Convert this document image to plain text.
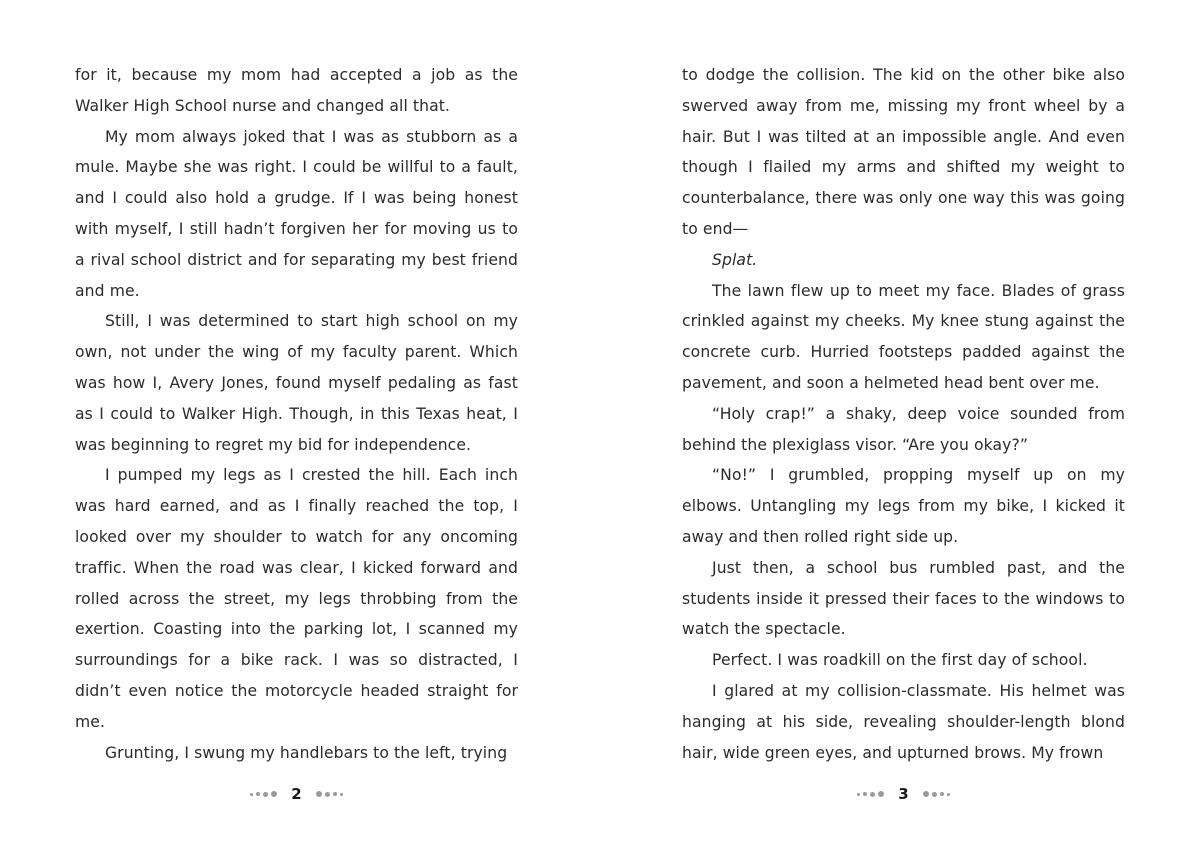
for it, because my mom had accepted a job as the Walker High School nurse and changed all that.

My mom always joked that I was as stubborn as a mule. Maybe she was right. I could be willful to a fault, and I could also hold a grudge. If I was being honest with myself, I still hadn’t forgiven her for moving us to a rival school district and for separating my best friend and me.

Still, I was determined to start high school on my own, not under the wing of my faculty parent. Which was how I, Avery Jones, found myself pedaling as fast as I could to Walker High. Though, in this Texas heat, I was beginning to regret my bid for independence.

I pumped my legs as I crested the hill. Each inch was hard earned, and as I finally reached the top, I looked over my shoulder to watch for any oncoming traffic. When the road was clear, I kicked forward and rolled across the street, my legs throbbing from the exertion. Coasting into the parking lot, I scanned my surroundings for a bike rack. I was so distracted, I didn’t even notice the motorcycle headed straight for me.

Grunting, I swung my handlebars to the left, trying

2

to dodge the collision. The kid on the other bike also swerved away from me, missing my front wheel by a hair. But I was tilted at an impossible angle. And even though I flailed my arms and shifted my weight to counterbalance, there was only one way this was going to end—

Splat.

The lawn flew up to meet my face. Blades of grass crinkled against my cheeks. My knee stung against the concrete curb. Hurried footsteps padded against the pavement, and soon a helmeted head bent over me.

“Holy crap!” a shaky, deep voice sounded from behind the plexiglass visor. “Are you okay?”

“No!” I grumbled, propping myself up on my elbows. Untangling my legs from my bike, I kicked it away and then rolled right side up.

Just then, a school bus rumbled past, and the students inside it pressed their faces to the windows to watch the spectacle.

Perfect. I was roadkill on the first day of school.

I glared at my collision-classmate. His helmet was hanging at his side, revealing shoulder-length blond hair, wide green eyes, and upturned brows. My frown

3
